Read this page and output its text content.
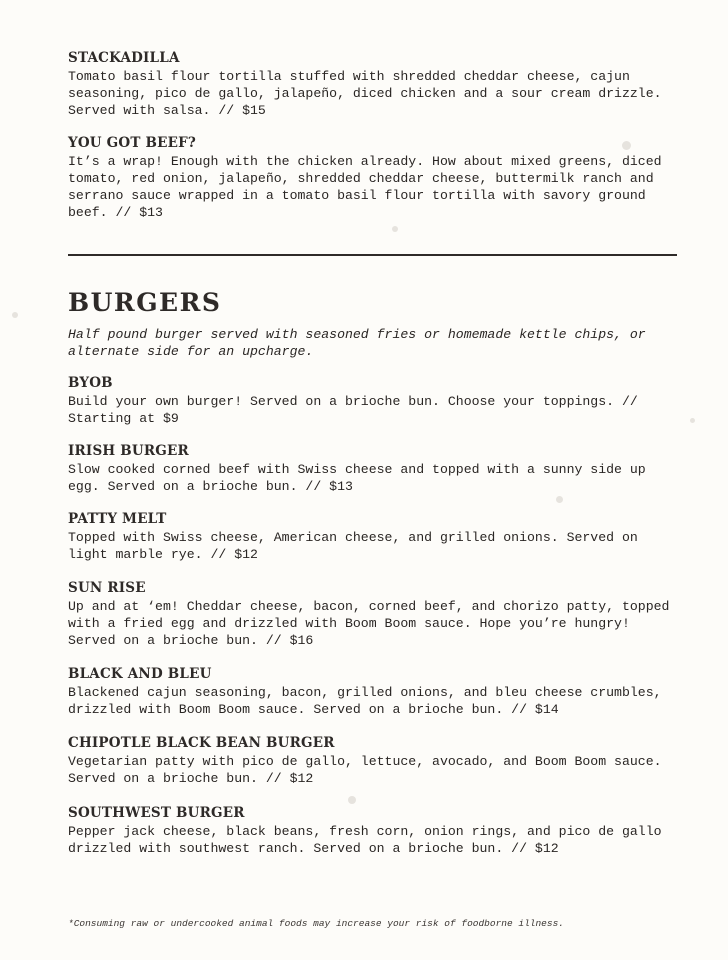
STACKADILLA
Tomato basil flour tortilla stuffed with shredded cheddar cheese, cajun seasoning, pico de gallo, jalapeño, diced chicken and a sour cream drizzle. Served with salsa. // $15
YOU GOT BEEF?
It’s a wrap! Enough with the chicken already. How about mixed greens, diced tomato, red onion, jalapeño, shredded cheddar cheese, buttermilk ranch and serrano sauce wrapped in a tomato basil flour tortilla with savory ground beef. // $13
BURGERS
Half pound burger served with seasoned fries or homemade kettle chips, or alternate side for an upcharge.
BYOB
Build your own burger! Served on a brioche bun. Choose your toppings. // Starting at $9
IRISH BURGER
Slow cooked corned beef with Swiss cheese and topped with a sunny side up egg. Served on a brioche bun. // $13
PATTY MELT
Topped with Swiss cheese, American cheese, and grilled onions. Served on light marble rye. // $12
SUN RISE
Up and at ‘em! Cheddar cheese, bacon, corned beef, and chorizo patty, topped with a fried egg and drizzled with Boom Boom sauce. Hope you’re hungry! Served on a brioche bun. // $16
BLACK AND BLEU
Blackened cajun seasoning, bacon, grilled onions, and bleu cheese crumbles, drizzled with Boom Boom sauce. Served on a brioche bun. // $14
CHIPOTLE BLACK BEAN BURGER
Vegetarian patty with pico de gallo, lettuce, avocado, and Boom Boom sauce. Served on a brioche bun. // $12
SOUTHWEST BURGER
Pepper jack cheese, black beans, fresh corn, onion rings, and pico de gallo drizzled with southwest ranch. Served on a brioche bun. // $12
*Consuming raw or undercooked animal foods may increase your risk of foodborne illness.
